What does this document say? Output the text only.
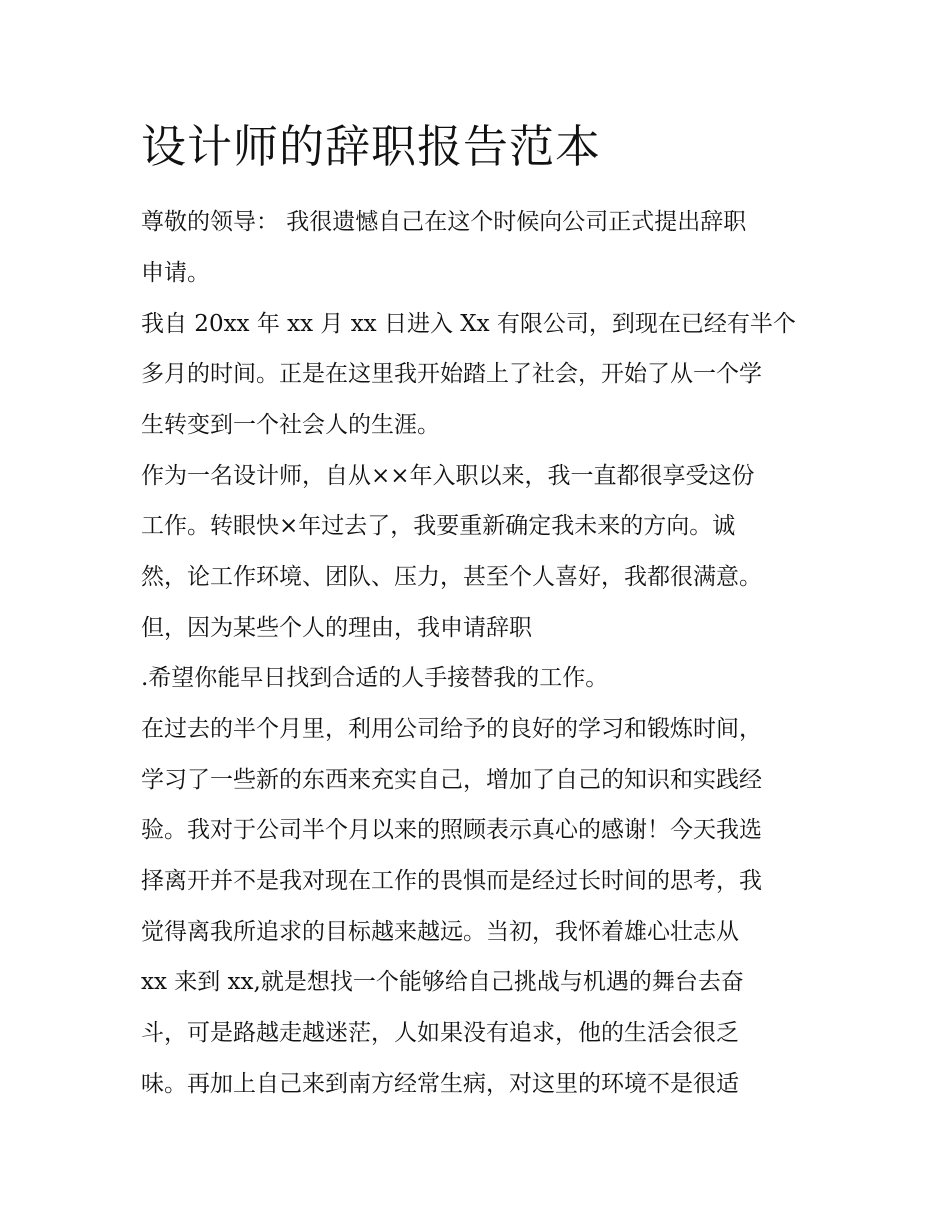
设计师的辞职报告范本

尊敬的领导： 我很遗憾自己在这个时候向公司正式提出辞职

申请。

我自 20xx 年 xx 月 xx 日进入 Xx 有限公司，到现在已经有半个

多月的时间。正是在这里我开始踏上了社会，开始了从一个学

生转变到一个社会人的生涯。

作为一名设计师，自从××年入职以来，我一直都很享受这份

工作。转眼快×年过去了，我要重新确定我未来的方向。诚

然，论工作环境、团队、压力，甚至个人喜好，我都很满意。

但，因为某些个人的理由，我申请辞职

.希望你能早日找到合适的人手接替我的工作。

在过去的半个月里，利用公司给予的良好的学习和锻炼时间，

学习了一些新的东西来充实自己，增加了自己的知识和实践经

验。我对于公司半个月以来的照顾表示真心的感谢！今天我选

择离开并不是我对现在工作的畏惧而是经过长时间的思考，我

觉得离我所追求的目标越来越远。当初，我怀着雄心壮志从

xx 来到 xx,就是想找一个能够给自己挑战与机遇的舞台去奋

斗，可是路越走越迷茫，人如果没有追求，他的生活会很乏

味。再加上自己来到南方经常生病，对这里的环境不是很适
